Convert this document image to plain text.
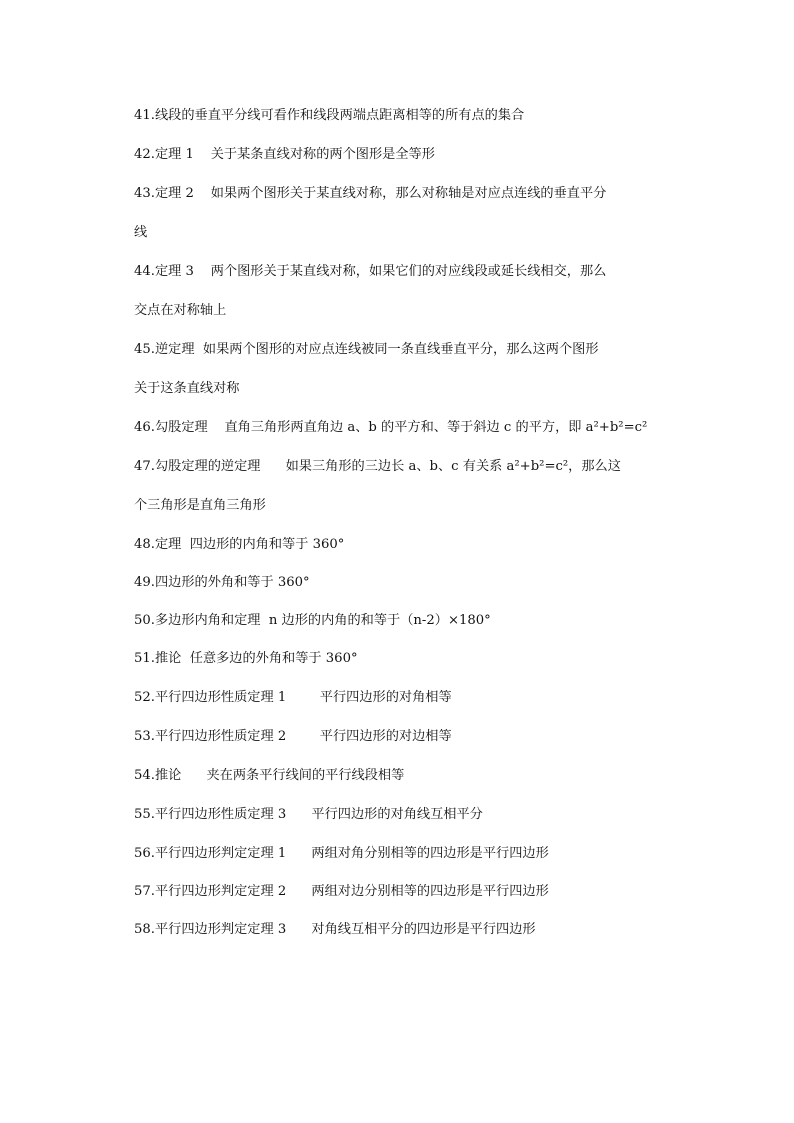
41.线段的垂直平分线可看作和线段两端点距离相等的所有点的集合
42.定理 1    关于某条直线对称的两个图形是全等形
43.定理 2    如果两个图形关于某直线对称，那么对称轴是对应点连线的垂直平分
线
44.定理 3    两个图形关于某直线对称，如果它们的对应线段或延长线相交，那么
交点在对称轴上
45.逆定理  如果两个图形的对应点连线被同一条直线垂直平分，那么这两个图形
关于这条直线对称
46.勾股定理    直角三角形两直角边 a、b 的平方和、等于斜边 c 的平方，即 a²+b²=c²
47.勾股定理的逆定理      如果三角形的三边长 a、b、c 有关系 a²+b²=c²，那么这
个三角形是直角三角形
48.定理  四边形的内角和等于 360°
49.四边形的外角和等于 360°
50.多边形内角和定理  n 边形的内角的和等于（n-2）×180°
51.推论  任意多边的外角和等于 360°
52.平行四边形性质定理 1        平行四边形的对角相等
53.平行四边形性质定理 2        平行四边形的对边相等
54.推论      夹在两条平行线间的平行线段相等
55.平行四边形性质定理 3      平行四边形的对角线互相平分
56.平行四边形判定定理 1      两组对角分别相等的四边形是平行四边形
57.平行四边形判定定理 2      两组对边分别相等的四边形是平行四边形
58.平行四边形判定定理 3      对角线互相平分的四边形是平行四边形
